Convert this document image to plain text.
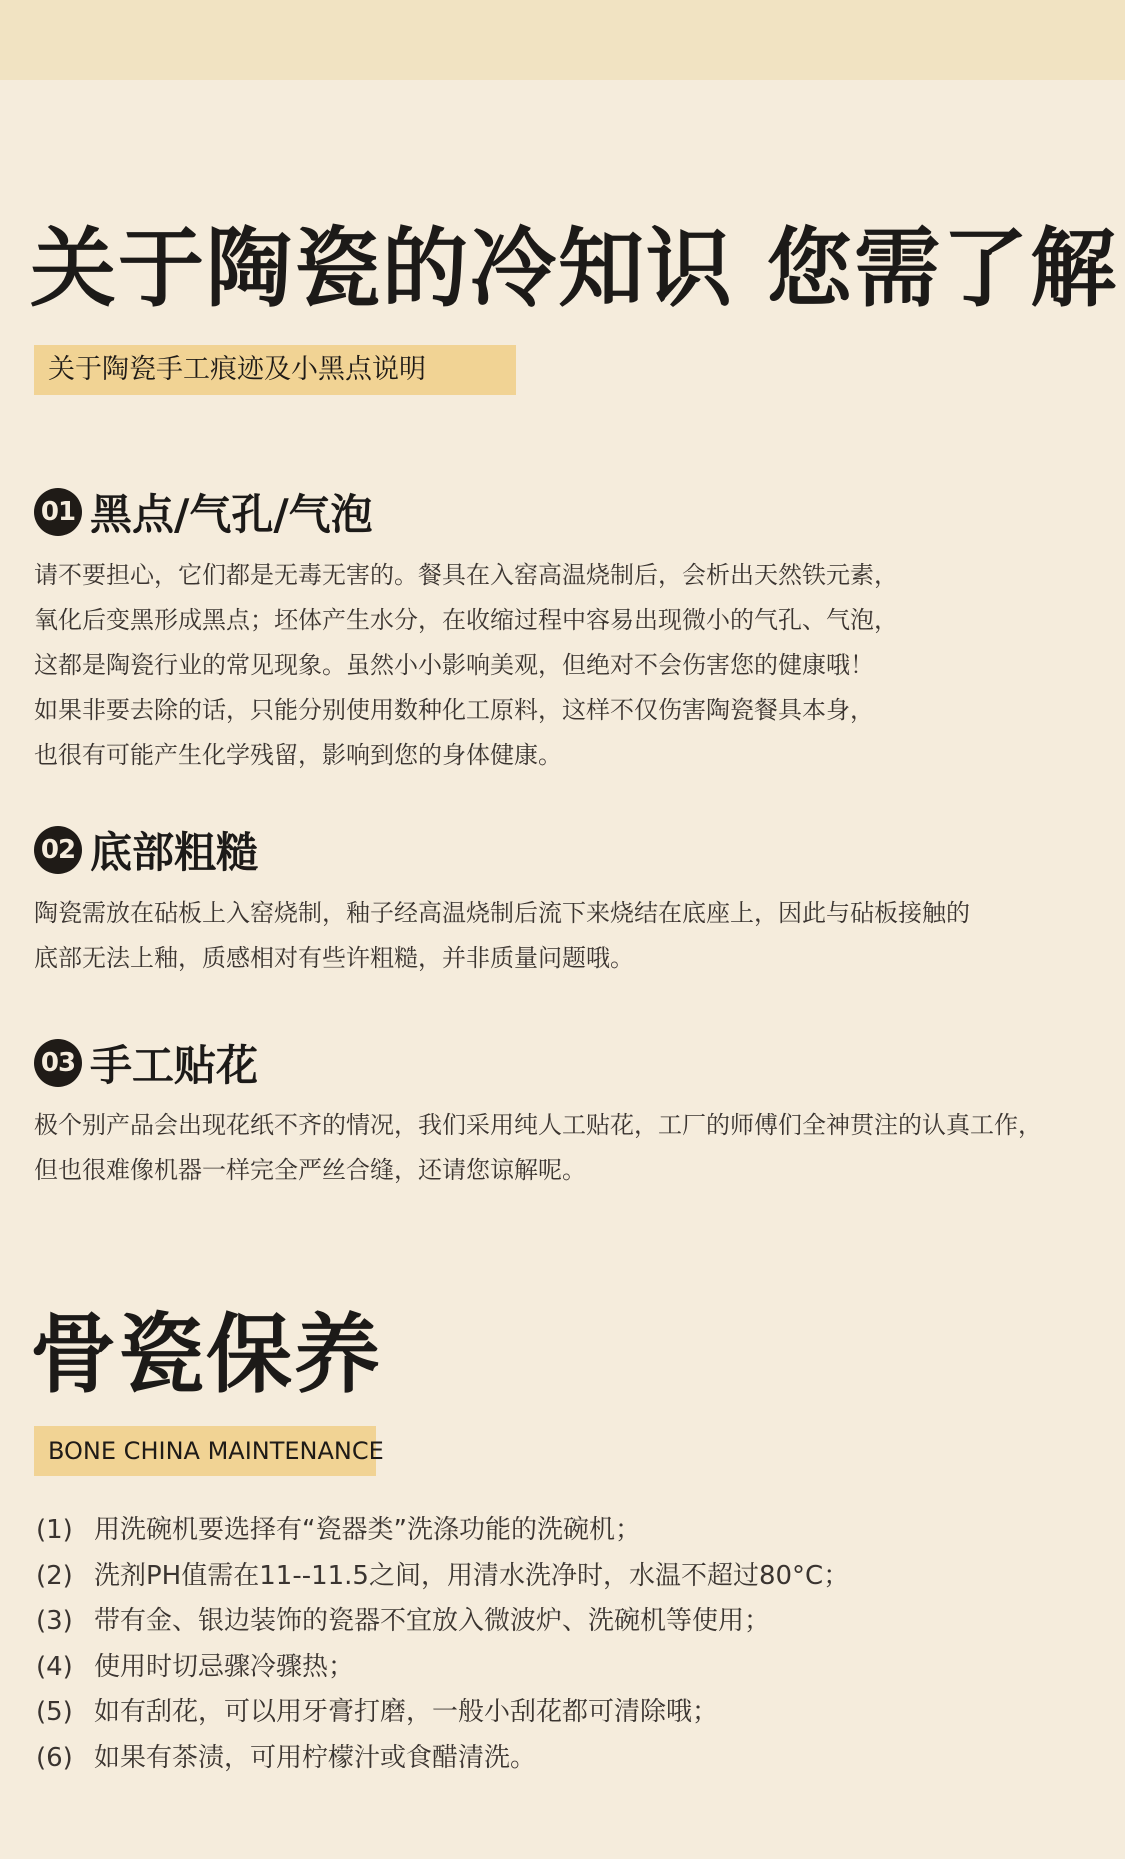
关于陶瓷的冷知识 您需了解
关于陶瓷手工痕迹及小黑点说明
01 黑点/气孔/气泡
请不要担心，它们都是无毒无害的。餐具在入窑高温烧制后，会析出天然铁元素，
氧化后变黑形成黑点；坯体产生水分，在收缩过程中容易出现微小的气孔、气泡，
这都是陶瓷行业的常见现象。虽然小小影响美观，但绝对不会伤害您的健康哦！
如果非要去除的话，只能分别使用数种化工原料，这样不仅伤害陶瓷餐具本身，
也很有可能产生化学残留，影响到您的身体健康。
02 底部粗糙
陶瓷需放在砧板上入窑烧制，釉子经高温烧制后流下来烧结在底座上，因此与砧板接触的
底部无法上釉，质感相对有些许粗糙，并非质量问题哦。
03 手工贴花
极个别产品会出现花纸不齐的情况，我们采用纯人工贴花，工厂的师傅们全神贯注的认真工作，
但也很难像机器一样完全严丝合缝，还请您谅解呢。
骨瓷保养
BONE CHINA MAINTENANCE
(1) 用洗碗机要选择有“瓷器类”洗涤功能的洗碗机；
(2) 洗剂PH值需在11--11.5之间，用清水洗净时，水温不超过80°C；
(3) 带有金、银边装饰的瓷器不宜放入微波炉、洗碗机等使用；
(4) 使用时切忌骤冷骤热；
(5) 如有刮花，可以用牙膏打磨，一般小刮花都可清除哦；
(6) 如果有茶渍，可用柠檬汁或食醋清洗。
